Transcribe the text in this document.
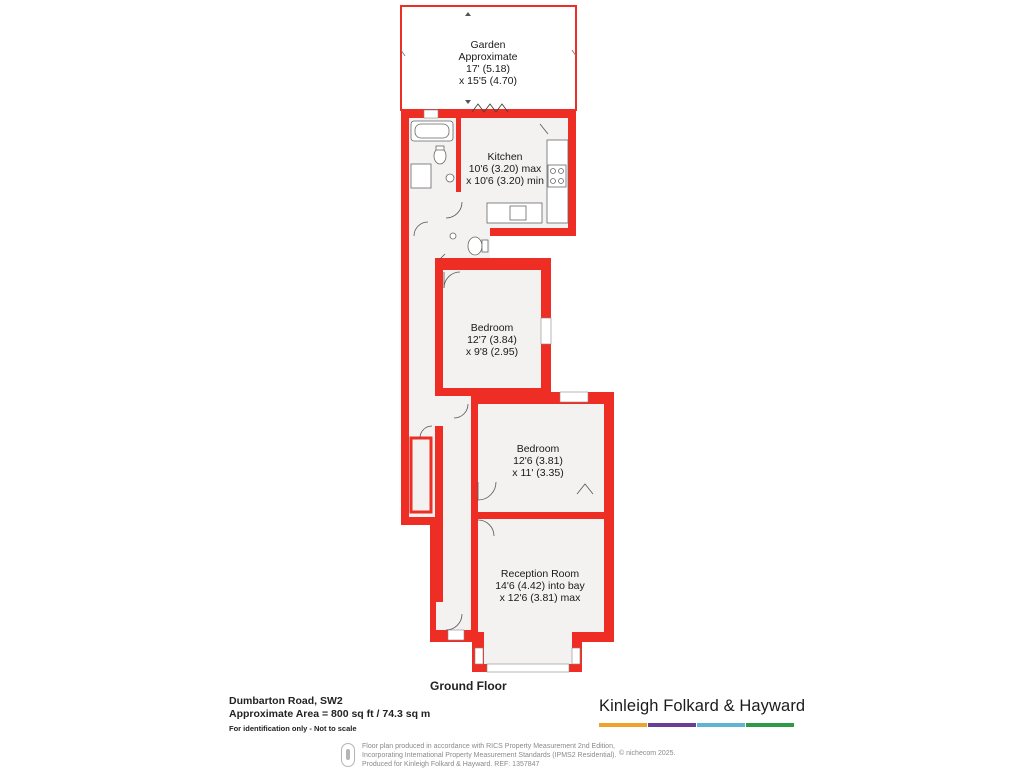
Garden
Approximate
17' (5.18)
x 15'5 (4.70)
Kitchen
10'6 (3.20) max
x 10'6 (3.20) min
Bedroom
12'7 (3.84)
x 9'8 (2.95)
Bedroom
12'6 (3.81)
x 11' (3.35)
Reception Room
14'6 (4.42) into bay
x 12'6 (3.81) max
Ground Floor
Dumbarton Road, SW2
Approximate Area = 800 sq ft / 74.3 sq m
For identification only - Not to scale
Kinleigh Folkard & Hayward
Floor plan produced in accordance with RICS Property Measurement 2nd Edition,
Incorporating International Property Measurement Standards (IPMS2 Residential).
Produced for Kinleigh Folkard & Hayward. REF: 1357847
© nichecom 2025.
